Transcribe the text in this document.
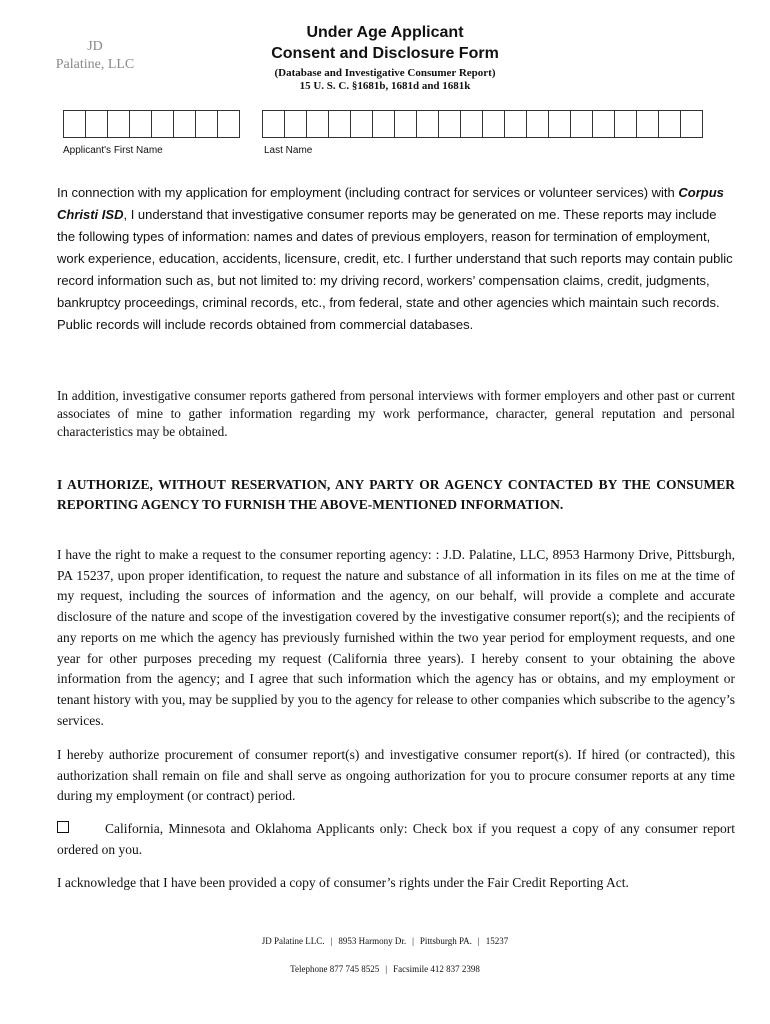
JD
Palatine, LLC
Under Age Applicant
Consent and Disclosure Form
(Database and Investigative Consumer Report)
15 U. S. C. §1681b, 1681d and 1681k
Applicant's First Name	Last Name
In connection with my application for employment (including contract for services or volunteer services) with Corpus Christi ISD, I understand that investigative consumer reports may be generated on me. These reports may include the following types of information: names and dates of previous employers, reason for termination of employment, work experience, education, accidents, licensure, credit, etc. I further understand that such reports may contain public record information such as, but not limited to: my driving record, workers’ compensation claims, credit, judgments, bankruptcy proceedings, criminal records, etc., from federal, state and other agencies which maintain such records. Public records will include records obtained from commercial databases.
In addition, investigative consumer reports gathered from personal interviews with former employers and other past or current associates of mine to gather information regarding my work performance, character, general reputation and personal characteristics may be obtained.
I AUTHORIZE, WITHOUT RESERVATION, ANY PARTY OR AGENCY CONTACTED BY THE CONSUMER REPORTING AGENCY TO FURNISH THE ABOVE-MENTIONED INFORMATION.
I have the right to make a request to the consumer reporting agency: : J.D. Palatine, LLC, 8953 Harmony Drive, Pittsburgh, PA 15237, upon proper identification, to request the nature and substance of all information in its files on me at the time of my request, including the sources of information and the agency, on our behalf, will provide a complete and accurate disclosure of the nature and scope of the investigation covered by the investigative consumer report(s); and the recipients of any reports on me which the agency has previously furnished within the two year period for employment requests, and one year for other purposes preceding my request (California three years). I hereby consent to your obtaining the above information from the agency; and I agree that such information which the agency has or obtains, and my employment or tenant history with you, may be supplied by you to the agency for release to other companies which subscribe to the agency’s services.
I hereby authorize procurement of consumer report(s) and investigative consumer report(s). If hired (or contracted), this authorization shall remain on file and shall serve as ongoing authorization for you to procure consumer reports at any time during my employment (or contract) period.
California, Minnesota and Oklahoma Applicants only: Check box if you request a copy of any consumer report ordered on you.
I acknowledge that I have been provided a copy of consumer’s rights under the Fair Credit Reporting Act.
JD Palatine LLC. | 8953 Harmony Dr. | Pittsburgh PA. | 15237
Telephone 877 745 8525 | Facsimile 412 837 2398
